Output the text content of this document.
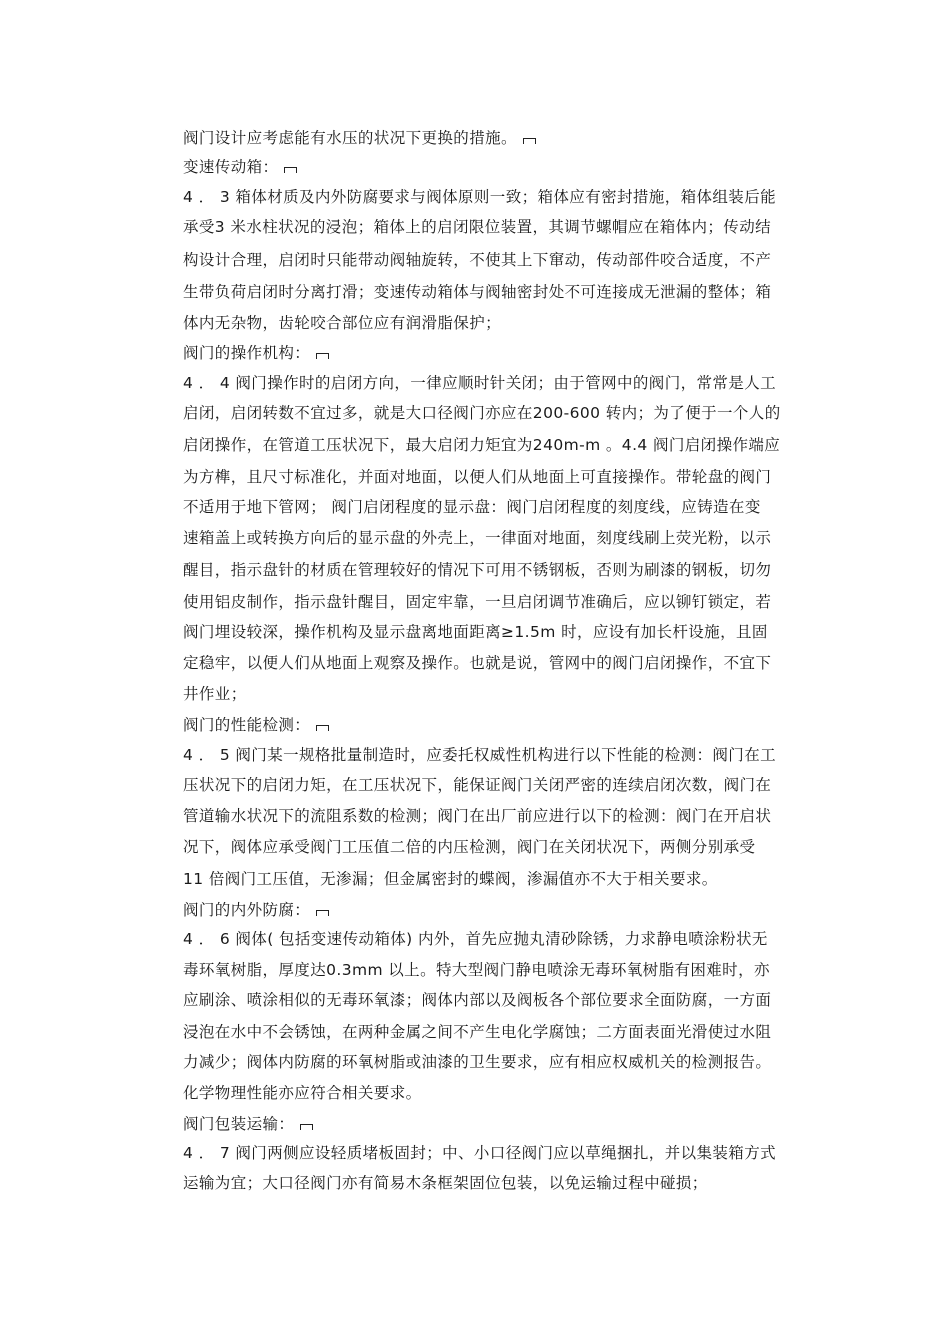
阀门设计应考虑能有水压的状况下更换的措施。
变速传动箱：
4 ． 3 箱体材质及内外防腐要求与阀体原则一致；箱体应有密封措施，箱体组装后能
承受3 米水柱状况的浸泡；箱体上的启闭限位装置，其调节螺帽应在箱体内；传动结
构设计合理，启闭时只能带动阀轴旋转，不使其上下窜动，传动部件咬合适度，不产
生带负荷启闭时分离打滑；变速传动箱体与阀轴密封处不可连接成无泄漏的整体；箱
体内无杂物，齿轮咬合部位应有润滑脂保护；
阀门的操作机构：
4 ． 4 阀门操作时的启闭方向，一律应顺时针关闭；由于管网中的阀门，常常是人工
启闭，启闭转数不宜过多，就是大口径阀门亦应在200-600 转内；为了便于一个人的
启闭操作，在管道工压状况下，最大启闭力矩宜为240m-m 。4.4 阀门启闭操作端应
为方榫，且尺寸标准化，并面对地面，以便人们从地面上可直接操作。带轮盘的阀门
不适用于地下管网； 阀门启闭程度的显示盘：阀门启闭程度的刻度线，应铸造在变
速箱盖上或转换方向后的显示盘的外壳上，一律面对地面，刻度线刷上荧光粉，以示
醒目，指示盘针的材质在管理较好的情况下可用不锈钢板，否则为刷漆的钢板，切勿
使用铝皮制作，指示盘针醒目，固定牢靠，一旦启闭调节准确后，应以铆钉锁定，若
阀门埋设较深，操作机构及显示盘离地面距离≥1.5m 时，应设有加长杆设施，且固
定稳牢，以便人们从地面上观察及操作。也就是说，管网中的阀门启闭操作，不宜下
井作业；
阀门的性能检测：
4 ． 5 阀门某一规格批量制造时，应委托权威性机构进行以下性能的检测：阀门在工
压状况下的启闭力矩，在工压状况下，能保证阀门关闭严密的连续启闭次数，阀门在
管道输水状况下的流阻系数的检测；阀门在出厂前应进行以下的检测：阀门在开启状
况下，阀体应承受阀门工压值二倍的内压检测，阀门在关闭状况下，两侧分别承受
11 倍阀门工压值，无渗漏；但金属密封的蝶阀，渗漏值亦不大于相关要求。
阀门的内外防腐：
4 ． 6 阀体( 包括变速传动箱体) 内外，首先应抛丸清砂除锈，力求静电喷涂粉状无
毒环氧树脂，厚度达0.3mm 以上。特大型阀门静电喷涂无毒环氧树脂有困难时，亦
应刷涂、喷涂相似的无毒环氧漆；阀体内部以及阀板各个部位要求全面防腐，一方面
浸泡在水中不会锈蚀，在两种金属之间不产生电化学腐蚀；二方面表面光滑使过水阻
力减少；阀体内防腐的环氧树脂或油漆的卫生要求，应有相应权威机关的检测报告。
化学物理性能亦应符合相关要求。
阀门包装运输：
4 ． 7 阀门两侧应设轻质堵板固封；中、小口径阀门应以草绳捆扎，并以集装箱方式
运输为宜；大口径阀门亦有简易木条框架固位包装，以免运输过程中碰损；
